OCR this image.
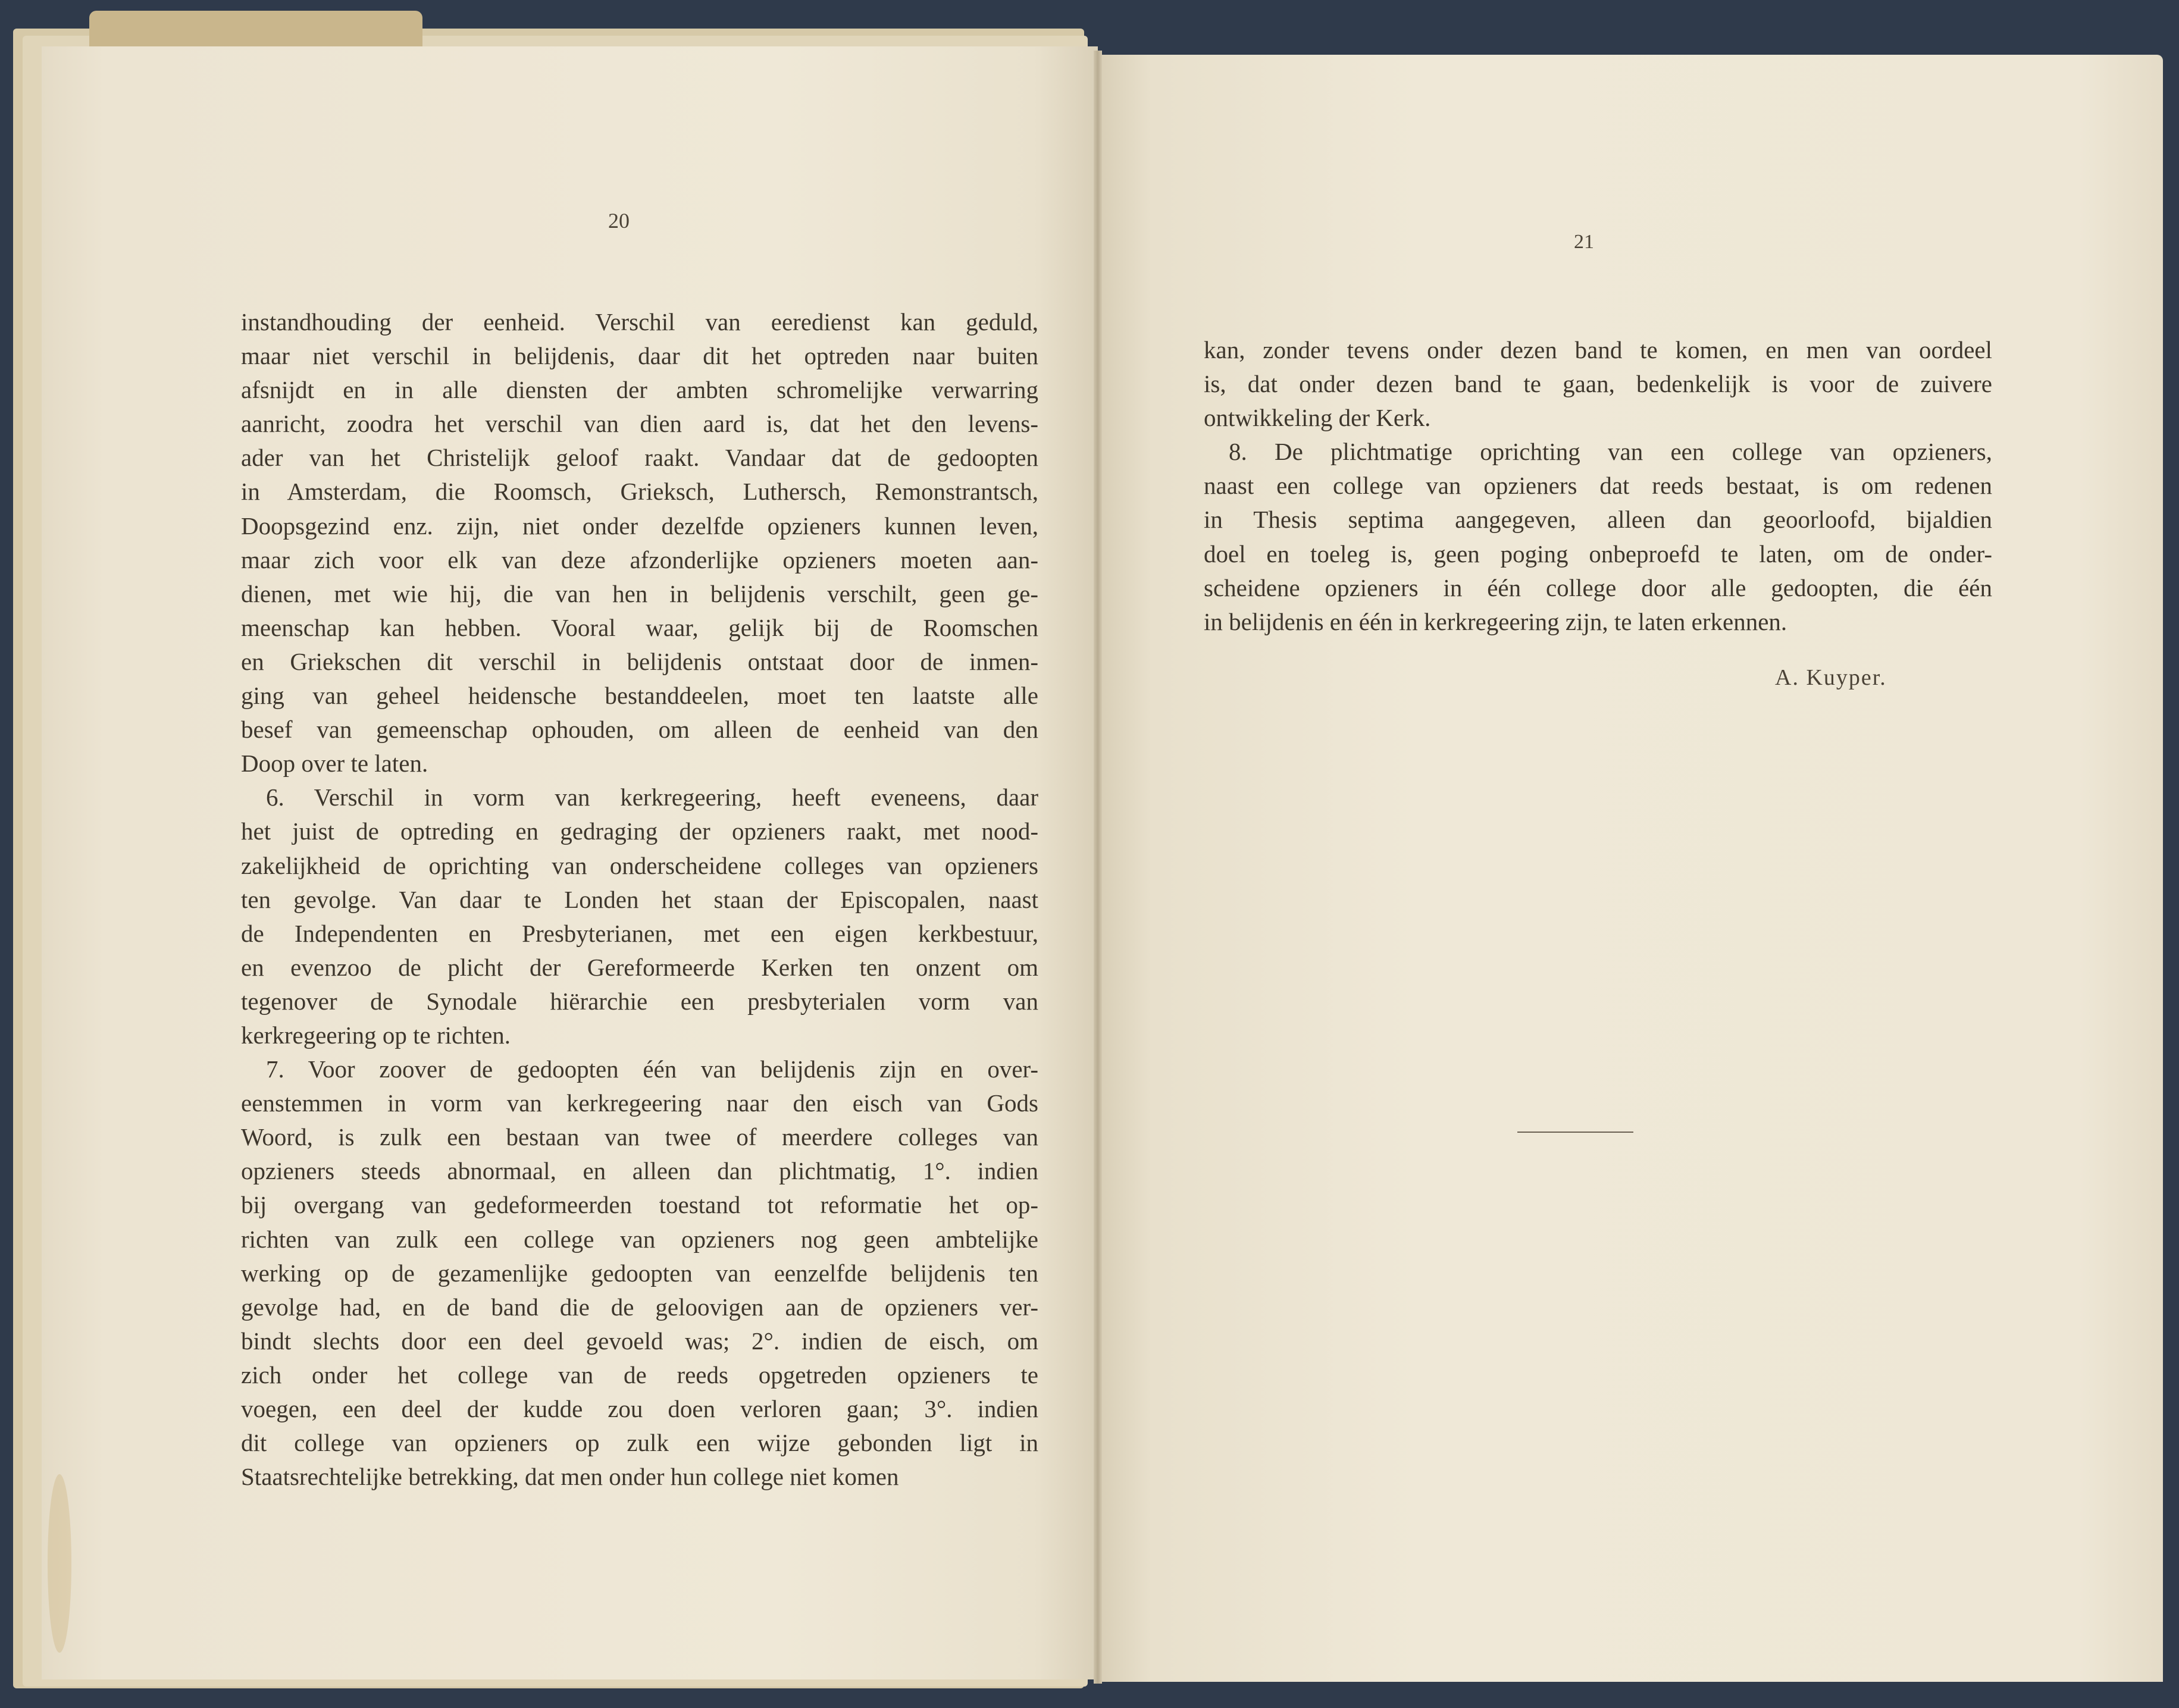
20
instandhouding der eenheid. Verschil van eeredienst kan geduld,
maar niet verschil in belijdenis, daar dit het optreden naar buiten
afsnijdt en in alle diensten der ambten schromelijke verwarring
aanricht, zoodra het verschil van dien aard is, dat het den levens-
ader van het Christelijk geloof raakt. Vandaar dat de gedoopten
in Amsterdam, die Roomsch, Grieksch, Luthersch, Remonstrantsch,
Doopsgezind enz. zijn, niet onder dezelfde opzieners kunnen leven,
maar zich voor elk van deze afzonderlijke opzieners moeten aan-
dienen, met wie hij, die van hen in belijdenis verschilt, geen ge-
meenschap kan hebben. Vooral waar, gelijk bij de Roomschen
en Griekschen dit verschil in belijdenis ontstaat door de inmen-
ging van geheel heidensche bestanddeelen, moet ten laatste alle
besef van gemeenschap ophouden, om alleen de eenheid van den
Doop over te laten.
6. Verschil in vorm van kerkregeering, heeft eveneens, daar
het juist de optreding en gedraging der opzieners raakt, met nood-
zakelijkheid de oprichting van onderscheidene colleges van opzieners
ten gevolge. Van daar te Londen het staan der Episcopalen, naast
de Independenten en Presbyterianen, met een eigen kerkbestuur,
en evenzoo de plicht der Gereformeerde Kerken ten onzent om
tegenover de Synodale hiërarchie een presbyterialen vorm van
kerkregeering op te richten.
7. Voor zoover de gedoopten één van belijdenis zijn en over-
eenstemmen in vorm van kerkregeering naar den eisch van Gods
Woord, is zulk een bestaan van twee of meerdere colleges van
opzieners steeds abnormaal, en alleen dan plichtmatig, 1°. indien
bij overgang van gedeformeerden toestand tot reformatie het op-
richten van zulk een college van opzieners nog geen ambtelijke
werking op de gezamenlijke gedoopten van eenzelfde belijdenis ten
gevolge had, en de band die de geloovigen aan de opzieners ver-
bindt slechts door een deel gevoeld was; 2°. indien de eisch, om
zich onder het college van de reeds opgetreden opzieners te
voegen, een deel der kudde zou doen verloren gaan; 3°. indien
dit college van opzieners op zulk een wijze gebonden ligt in
Staatsrechtelijke betrekking, dat men onder hun college niet komen
21
kan, zonder tevens onder dezen band te komen, en men van oordeel
is, dat onder dezen band te gaan, bedenkelijk is voor de zuivere
ontwikkeling der Kerk.
8. De plichtmatige oprichting van een college van opzieners,
naast een college van opzieners dat reeds bestaat, is om redenen
in Thesis septima aangegeven, alleen dan geoorloofd, bijaldien
doel en toeleg is, geen poging onbeproefd te laten, om de onder-
scheidene opzieners in één college door alle gedoopten, die één
in belijdenis en één in kerkregeering zijn, te laten erkennen.
A. Kuyper.
